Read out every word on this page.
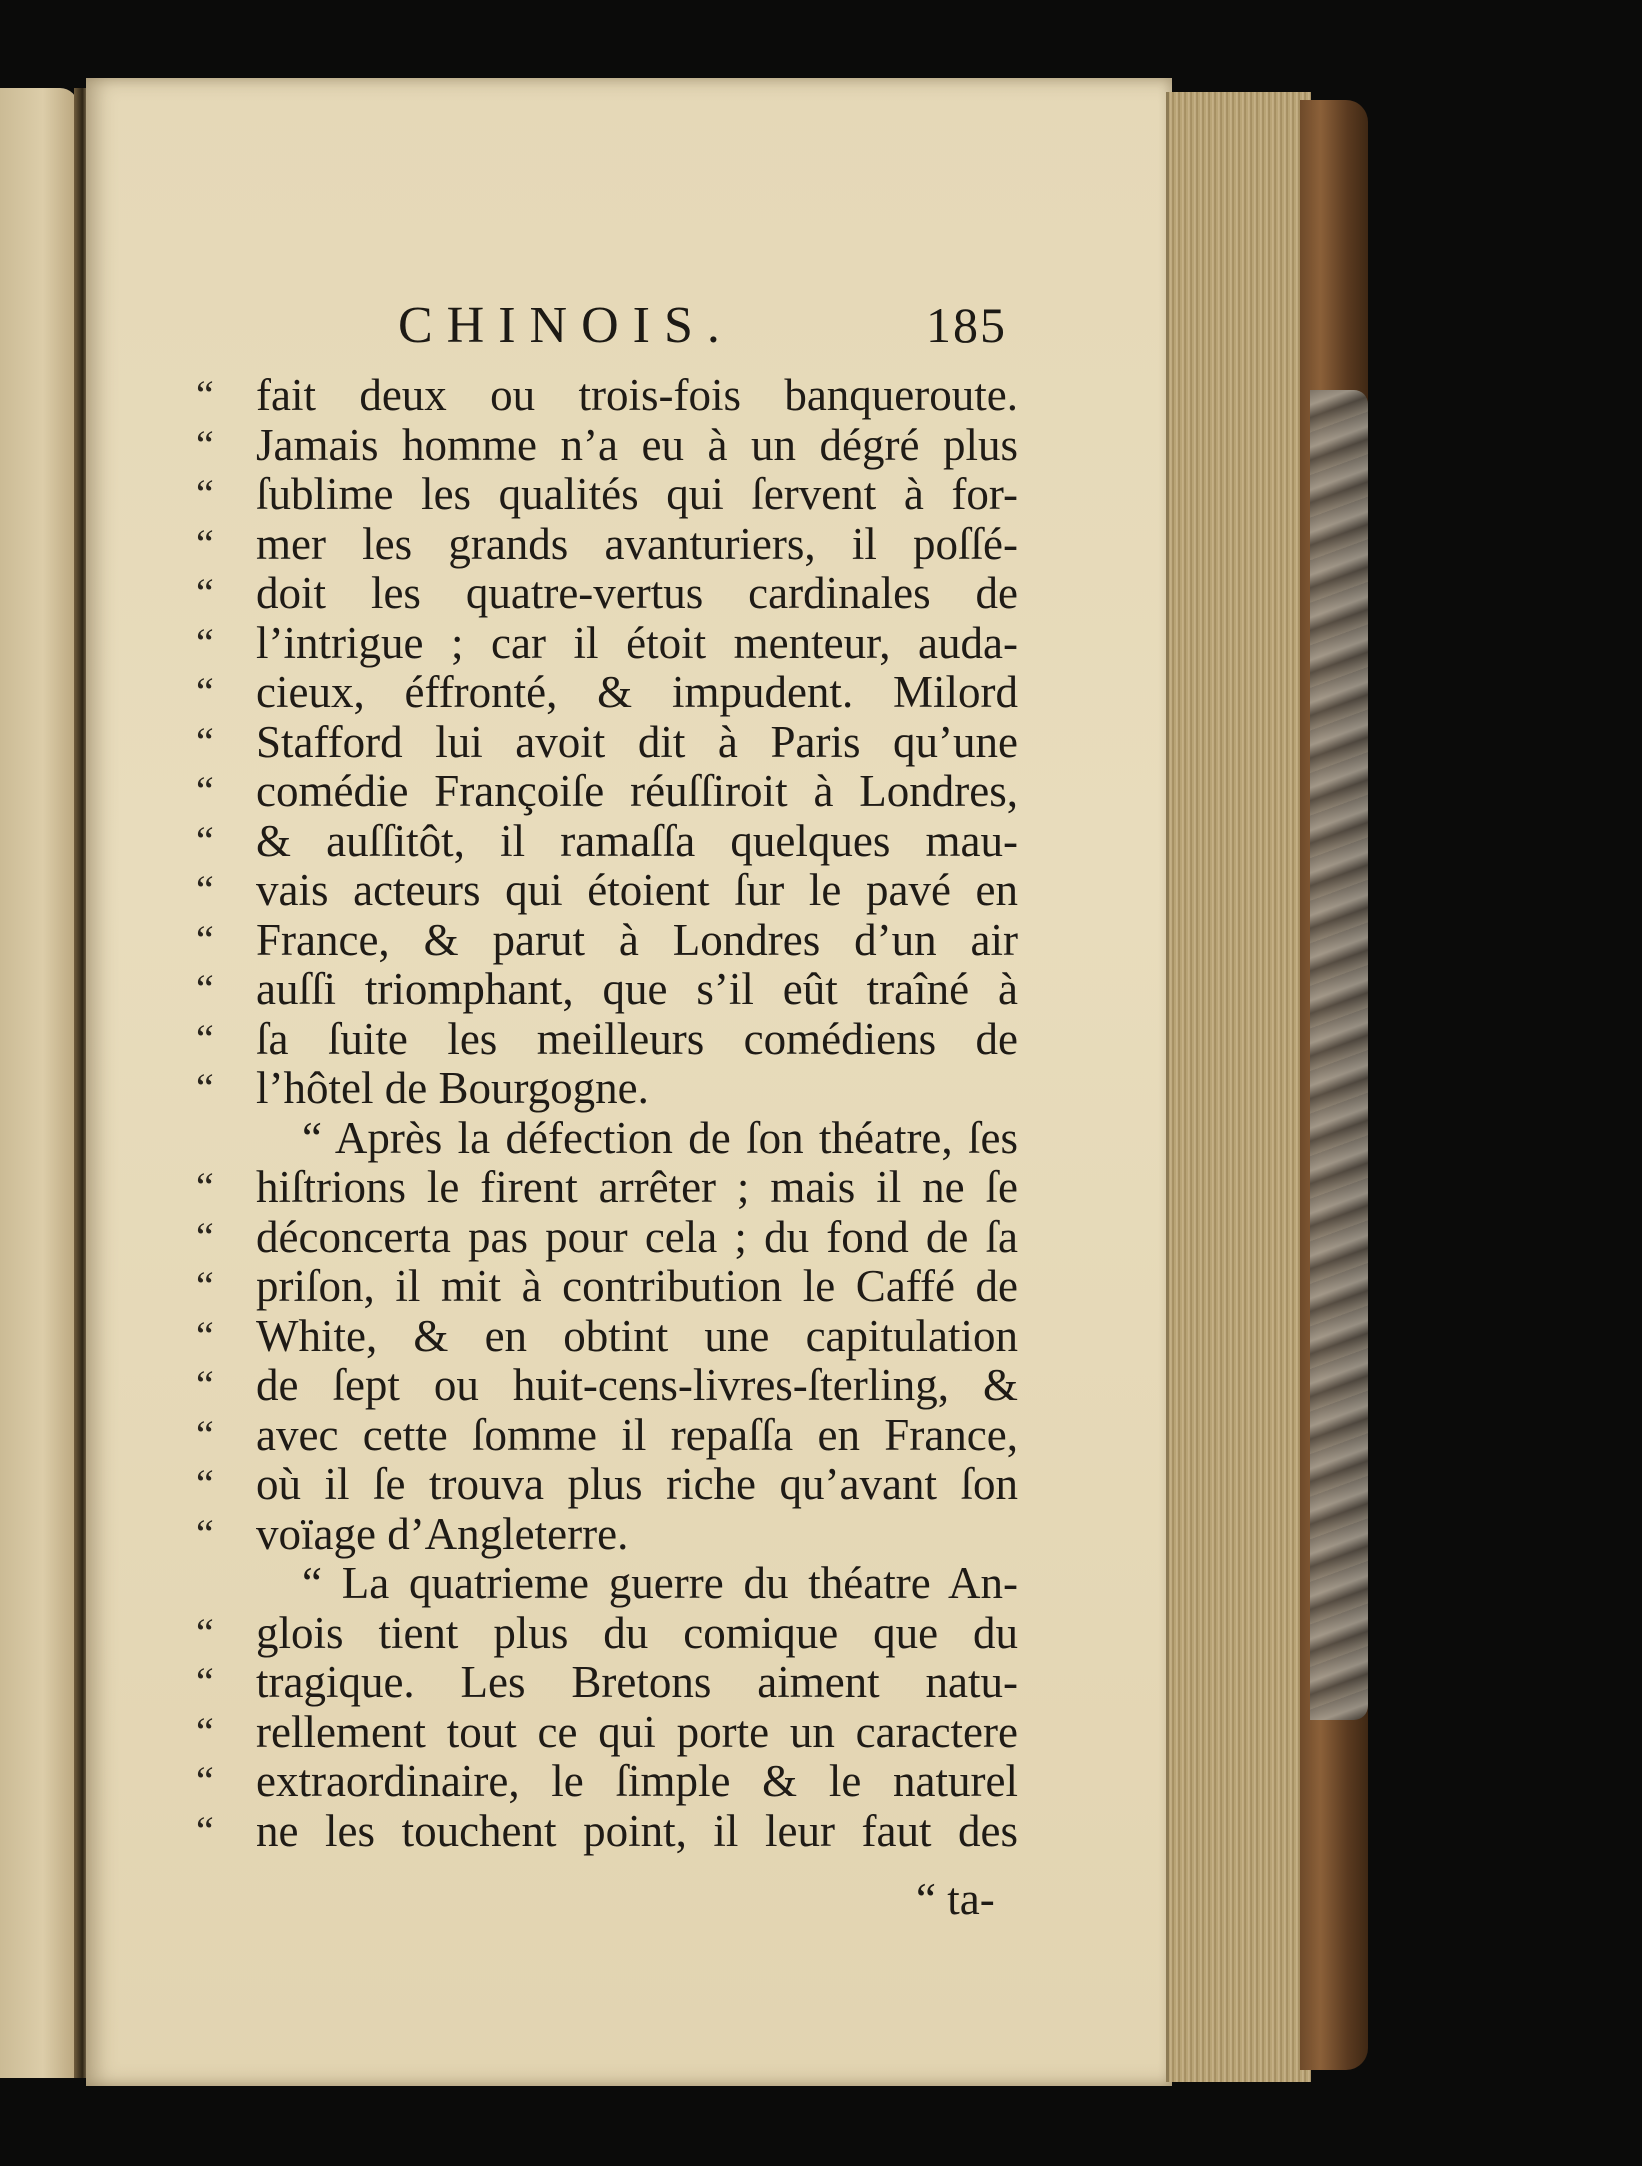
CHINOIS.	185
“ fait deux ou trois-fois banqueroute.
“ Jamais homme n’a eu à un dégré plus
“ ſublime les qualités qui ſervent à for-
“ mer les grands avanturiers, il poſſé-
“ doit les quatre-vertus cardinales de
“ l’intrigue ; car il étoit menteur, auda-
“ cieux, éffronté, & impudent. Milord
“ Stafford lui avoit dit à Paris qu’une
“ comédie Françoiſe réuſſiroit à Londres,
“ & auſſitôt, il ramaſſa quelques mau-
“ vais acteurs qui étoient ſur le pavé en
“ France, & parut à Londres d’un air
“ auſſi triomphant, que s’il eût traîné à
“ ſa ſuite les meilleurs comédiens de
“ l’hôtel de Bourgogne.
“ Après la défection de ſon théatre, ſes
“ hiſtrions le firent arrêter ; mais il ne ſe
“ déconcerta pas pour cela ; du fond de ſa
“ priſon, il mit à contribution le Caffé de
“ White, & en obtint une capitulation
“ de ſept ou huit-cens-livres-ſterling, &
“ avec cette ſomme il repaſſa en France,
“ où il ſe trouva plus riche qu’avant ſon
“ voïage d’Angleterre.
“ La quatrieme guerre du théatre An-
“ glois tient plus du comique que du
“ tragique. Les Bretons aiment natu-
“ rellement tout ce qui porte un caractere
“ extraordinaire, le ſimple & le naturel
“ ne les touchent point, il leur faut des
“ ta-
